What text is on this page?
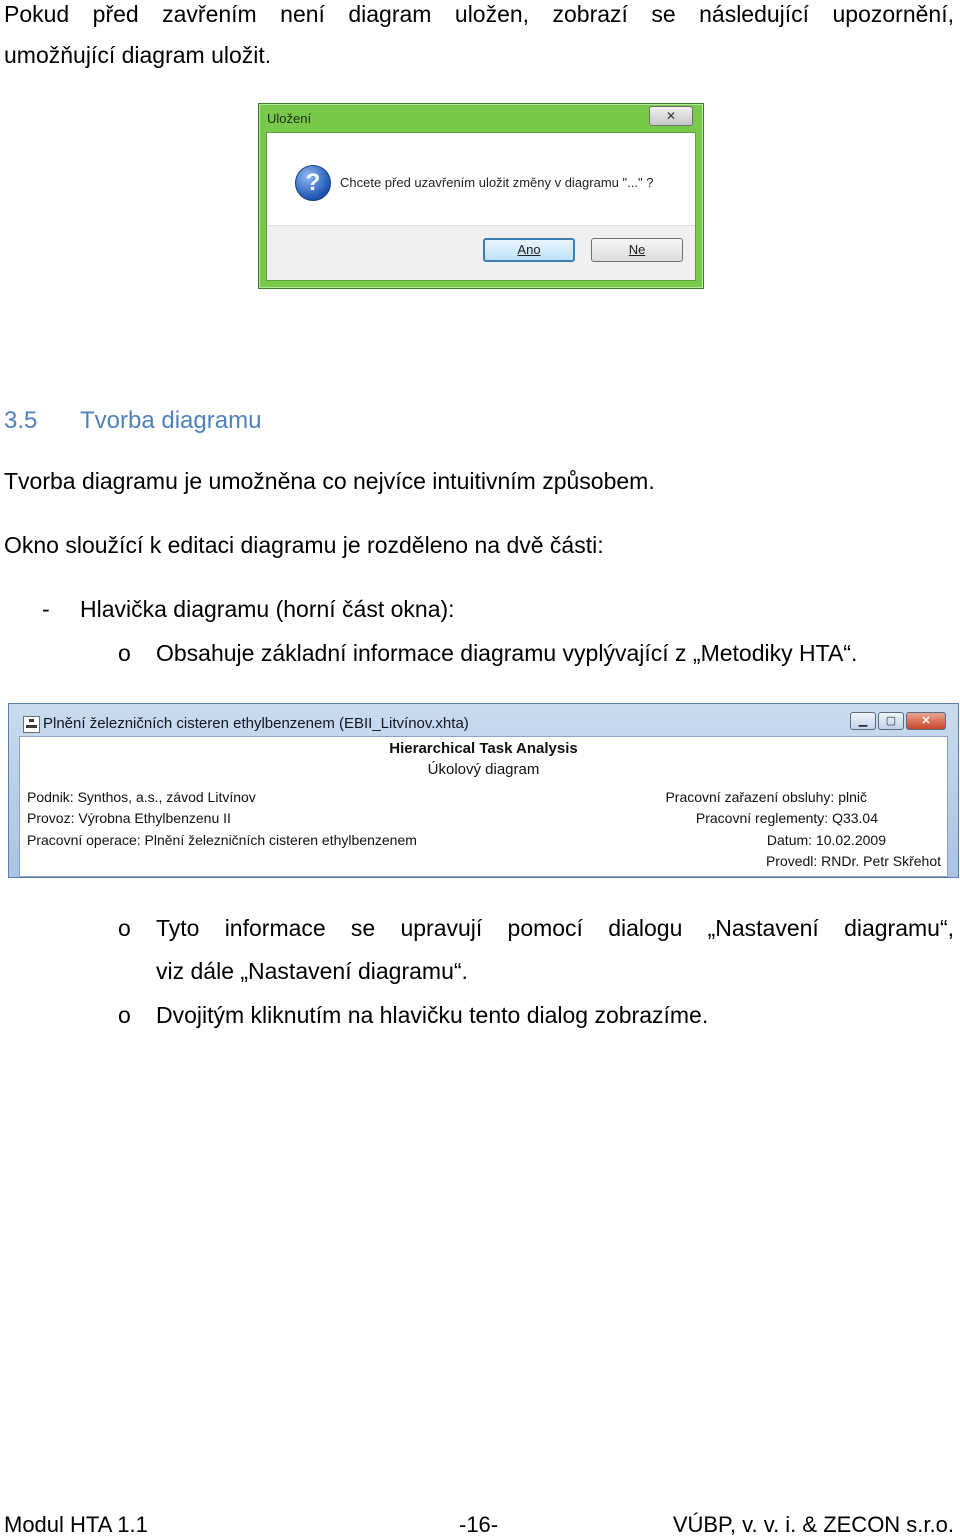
Pokud před zavřením není diagram uložen, zobrazí se následující upozornění,
umožňující diagram uložit.
Uložení	✕
?	Chcete před uzavřením uložit změny v diagramu "..." ?
Ano	Ne
3.5 Tvorba diagramu
Tvorba diagramu je umožněna co nejvíce intuitivním způsobem.
Okno sloužící k editaci diagramu je rozděleno na dvě části:
- Hlavička diagramu (horní část okna):
o Obsahuje základní informace diagramu vyplývající z „Metodiky HTA“.
Plnění železničních cisteren ethylbenzenem (EBII_Litvínov.xhta)	▁	▢	✕
Hierarchical Task Analysis
Úkolový diagram
Podnik: Synthos, a.s., závod Litvínov
Provoz: Výrobna Ethylbenzenu II
Pracovní operace: Plnění železničních cisteren ethylbenzenem
Pracovní zařazení obsluhy: plnič
Pracovní reglementy: Q33.04
Datum: 10.02.2009
Provedl: RNDr. Petr Skřehot
o Tyto informace se upravují pomocí dialogu „Nastavení diagramu“,
viz dále „Nastavení diagramu“.
o Dvojitým kliknutím na hlavičku tento dialog zobrazíme.
Modul HTA 1.1	-16-	VÚBP, v. v. i. & ZECON s.r.o.
